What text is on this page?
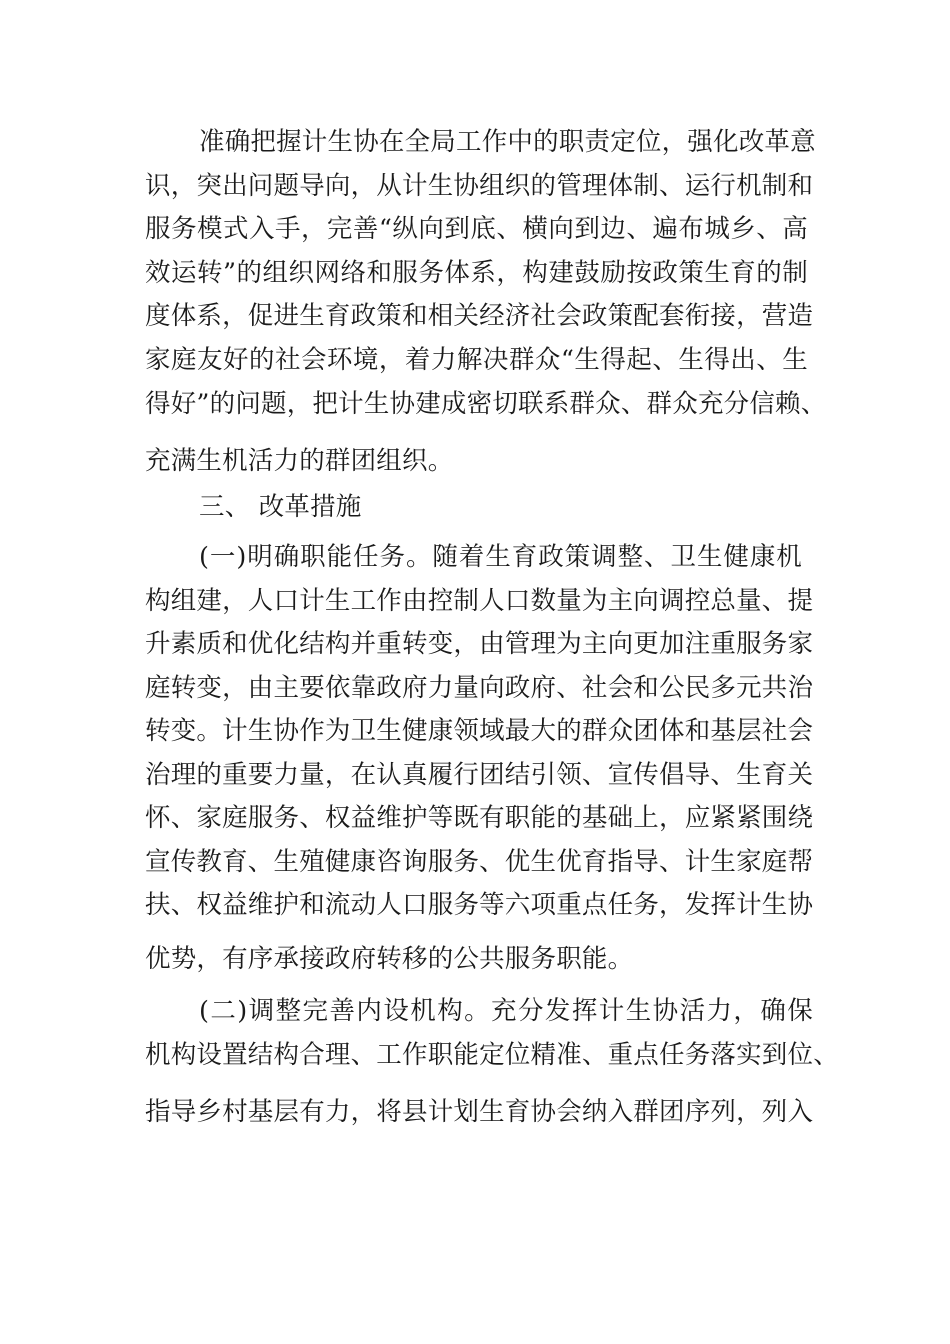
准确把握计生协在全局工作中的职责定位，强化改革意
识，突出问题导向，从计生协组织的管理体制、运行机制和
服务模式入手，完善“纵向到底、横向到边、遍布城乡、高
效运转”的组织网络和服务体系，构建鼓励按政策生育的制
度体系，促进生育政策和相关经济社会政策配套衔接，营造
家庭友好的社会环境，着力解决群众“生得起、生得出、生
得好”的问题，把计生协建成密切联系群众、群众充分信赖、
充满生机活力的群团组织。
三、 改革措施
(一)明确职能任务。随着生育政策调整、卫生健康机
构组建，人口计生工作由控制人口数量为主向调控总量、提
升素质和优化结构并重转变，由管理为主向更加注重服务家
庭转变，由主要依靠政府力量向政府、社会和公民多元共治
转变。计生协作为卫生健康领域最大的群众团体和基层社会
治理的重要力量，在认真履行团结引领、宣传倡导、生育关
怀、家庭服务、权益维护等既有职能的基础上，应紧紧围绕
宣传教育、生殖健康咨询服务、优生优育指导、计生家庭帮
扶、权益维护和流动人口服务等六项重点任务，发挥计生协
优势，有序承接政府转移的公共服务职能。
(二)调整完善内设机构。充分发挥计生协活力，确保
机构设置结构合理、工作职能定位精准、重点任务落实到位、
指导乡村基层有力，将县计划生育协会纳入群团序列，列入
